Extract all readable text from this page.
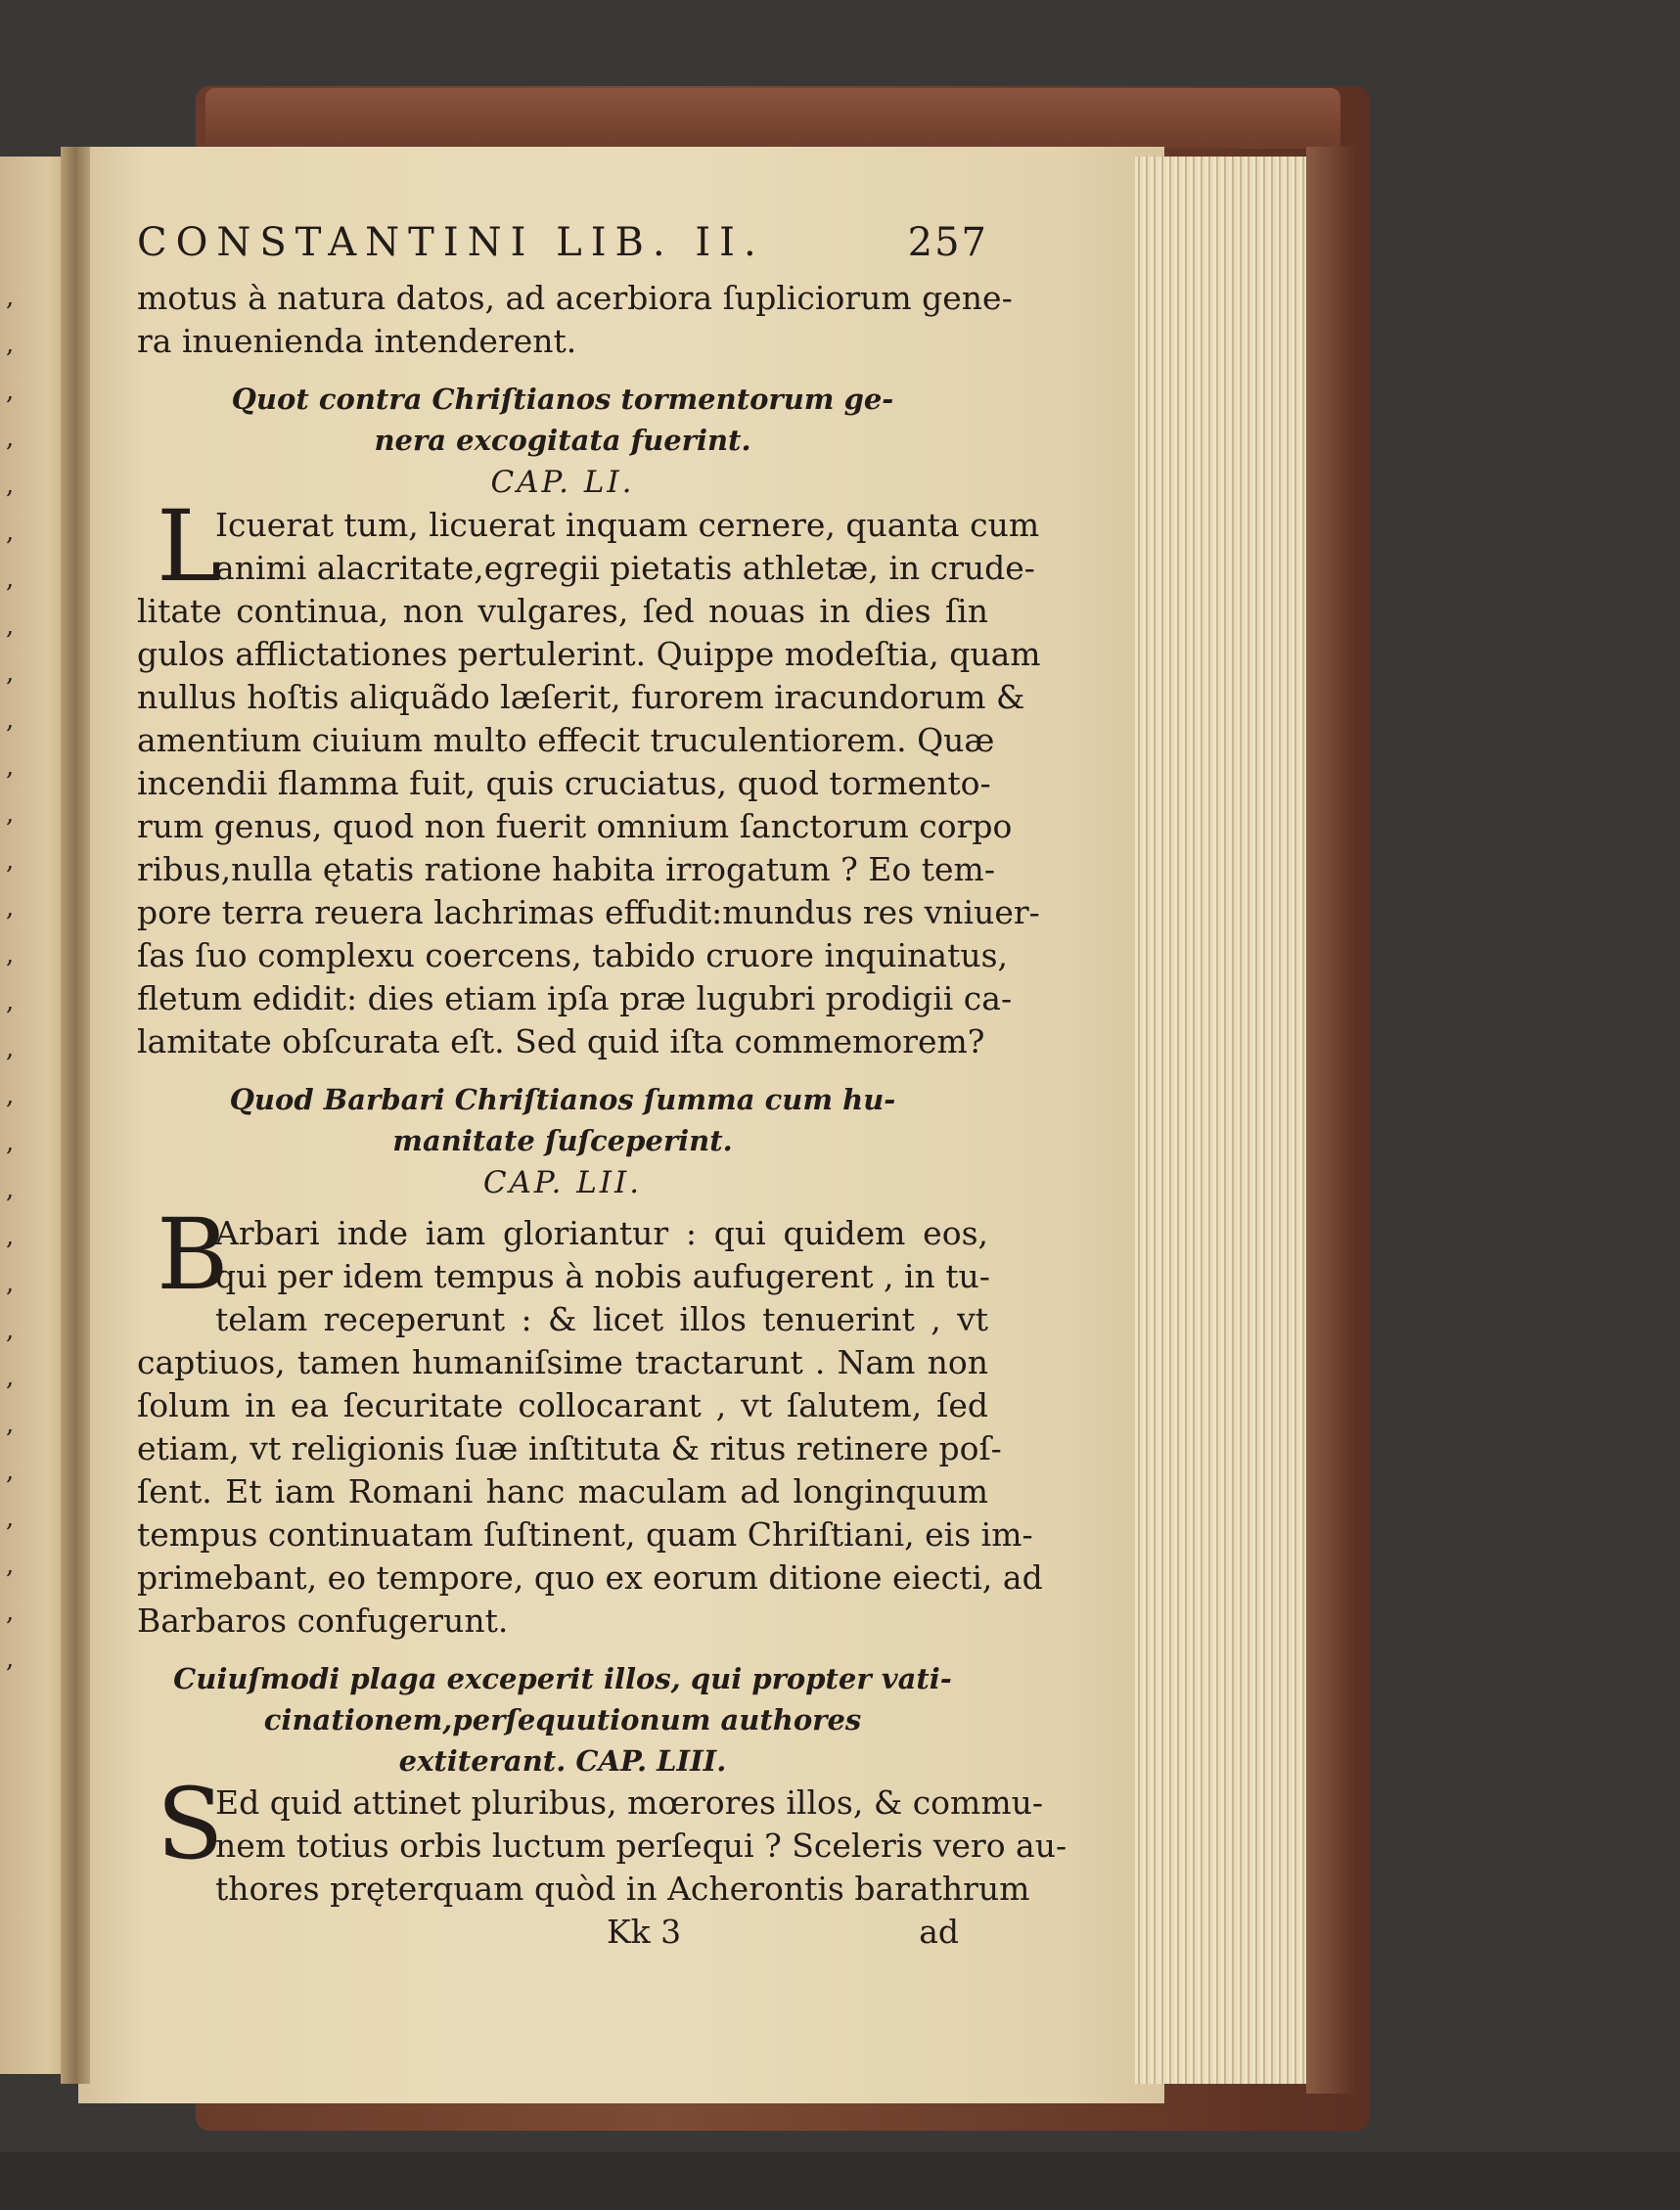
,
,
,
,
,
,
,
,
,
,
,
,
,
,
,
,
,
,
,
,
,
,
,
,
,
,
,
,
,
,
CONSTANTINI LIB. II.	257
motus à natura datos, ad acerbiora ſupliciorum gene-
ra inuenienda intenderent.
Quot contra Chriſtianos tormentorum ge-
nera excogitata fuerint.
CAP. LI.
L
Icuerat tum, licuerat inquam cernere, quanta cum
animi alacritate,egregii pietatis athletæ, in crude-
litate continua, non vulgares, ſed nouas in dies ſin
gulos afflictationes pertulerint. Quippe modeſtia, quam
nullus hoſtis aliquãdo læſerit, furorem iracundorum &
amentium ciuium multo effecit truculentiorem. Quæ
incendii flamma fuit, quis cruciatus, quod tormento-
rum genus, quod non fuerit omnium ſanctorum corpo
ribus,nulla ętatis ratione habita irrogatum ? Eo tem-
pore terra reuera lachrimas effudit:mundus res vniuer-
ſas ſuo complexu coercens, tabido cruore inquinatus,
fletum edidit: dies etiam ipſa præ lugubri prodigii ca-
lamitate obſcurata eſt. Sed quid iſta commemorem?
Quod Barbari Chriſtianos ſumma cum hu-
manitate ſuſceperint.
CAP. LII.
B
Arbari inde iam gloriantur : qui quidem eos,
qui per idem tempus à nobis aufugerent , in tu-
telam receperunt : & licet illos tenuerint , vt
captiuos, tamen humaniſsime tractarunt . Nam non
ſolum in ea ſecuritate collocarant , vt ſalutem, ſed
etiam, vt religionis ſuæ inſtituta & ritus retinere poſ-
ſent. Et iam Romani hanc maculam ad longinquum
tempus continuatam ſuſtinent, quam Chriſtiani, eis im-
primebant, eo tempore, quo ex eorum ditione eiecti, ad
Barbaros confugerunt.
Cuiuſmodi plaga exceperit illos, qui propter vati-
cinationem,perſequutionum authores
extiterant. CAP. LIII.
S
Ed quid attinet pluribus, mœrores illos, & commu-
nem totius orbis luctum perſequi ? Sceleris vero au-
thores pręterquam quòd in Acherontis barathrum
Kk 3	ad
